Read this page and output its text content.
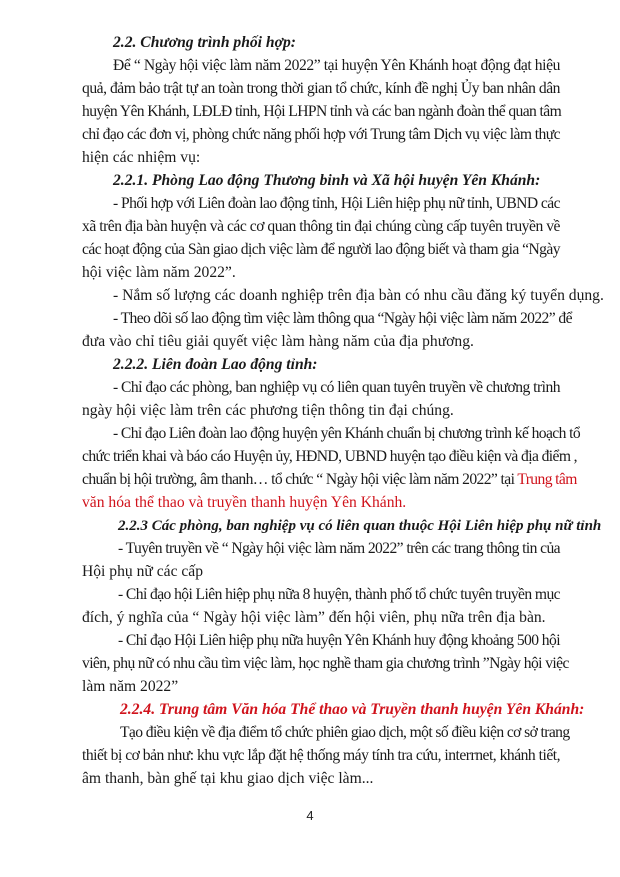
2.2. Chương trình phối hợp:
Để “ Ngày hội việc làm năm 2022” tại huyện Yên Khánh hoạt động đạt hiệu
quả, đảm bảo trật tự an toàn trong thời gian tổ chức, kính đề nghị Ủy ban nhân dân
huyện Yên Khánh, LĐLĐ tỉnh, Hội LHPN tỉnh và các ban ngành đoàn thể quan tâm
chỉ đạo các đơn vị, phòng chức năng phối hợp với Trung tâm Dịch vụ việc làm thực
hiện các nhiệm vụ:
2.2.1. Phòng Lao động Thương binh và Xã hội huyện Yên Khánh:
- Phối hợp với Liên đoàn lao động tỉnh, Hội Liên hiệp phụ nữ tỉnh, UBND các
xã trên địa bàn huyện và các cơ quan thông tin đại chúng cùng cấp tuyên truyền về
các hoạt động của Sàn giao dịch việc làm để người lao động biết và tham gia “Ngày
hội việc làm năm 2022”.
- Nắm số lượng các doanh nghiệp trên địa bàn có nhu cầu đăng ký tuyển dụng.
- Theo dõi số lao động tìm việc làm thông qua “Ngày hội việc làm năm 2022” để
đưa vào chỉ tiêu giải quyết việc làm hàng năm của địa phương.
2.2.2. Liên đoàn Lao động tỉnh:
- Chỉ đạo các phòng, ban nghiệp vụ có liên quan tuyên truyền về chương trình
ngày hội việc làm trên các phương tiện thông tin đại chúng.
- Chỉ đạo Liên đoàn lao động huyện yên Khánh chuẩn bị chương trình kế hoạch tổ
chức triển khai và báo cáo Huyện ủy, HĐND, UBND huyện tạo điều kiện và địa điểm ,
chuẩn bị hội trường, âm thanh… tổ chức “ Ngày hội việc làm năm 2022” tại Trung tâm
văn hóa thể thao và truyền thanh huyện Yên Khánh.
2.2.3 Các phòng, ban nghiệp vụ có liên quan thuộc Hội Liên hiệp phụ nữ tỉnh
- Tuyên truyền về “ Ngày hội việc làm năm 2022” trên các trang thông tin của
Hội phụ nữ các cấp
- Chỉ đạo hội Liên hiệp phụ nữa 8 huyện, thành phố tổ chức tuyên truyền mục
đích, ý nghĩa của “ Ngày hội việc làm” đến hội viên, phụ nữa trên địa bàn.
- Chỉ đạo Hội Liên hiệp phụ nữa huyện Yên Khánh huy động khoảng 500 hội
viên, phụ nữ có nhu cầu tìm việc làm, học nghề tham gia chương trình ”Ngày hội việc
làm năm 2022”
2.2.4. Trung tâm Văn hóa Thể thao và Truyền thanh huyện Yên Khánh:
Tạo điều kiện về địa điểm tổ chức phiên giao dịch, một số điều kiện cơ sở trang
thiết bị cơ bản như: khu vực lắp đặt hệ thống máy tính tra cứu, interrnet, khánh tiết,
âm thanh, bàn ghế tại khu giao dịch việc làm...
4
